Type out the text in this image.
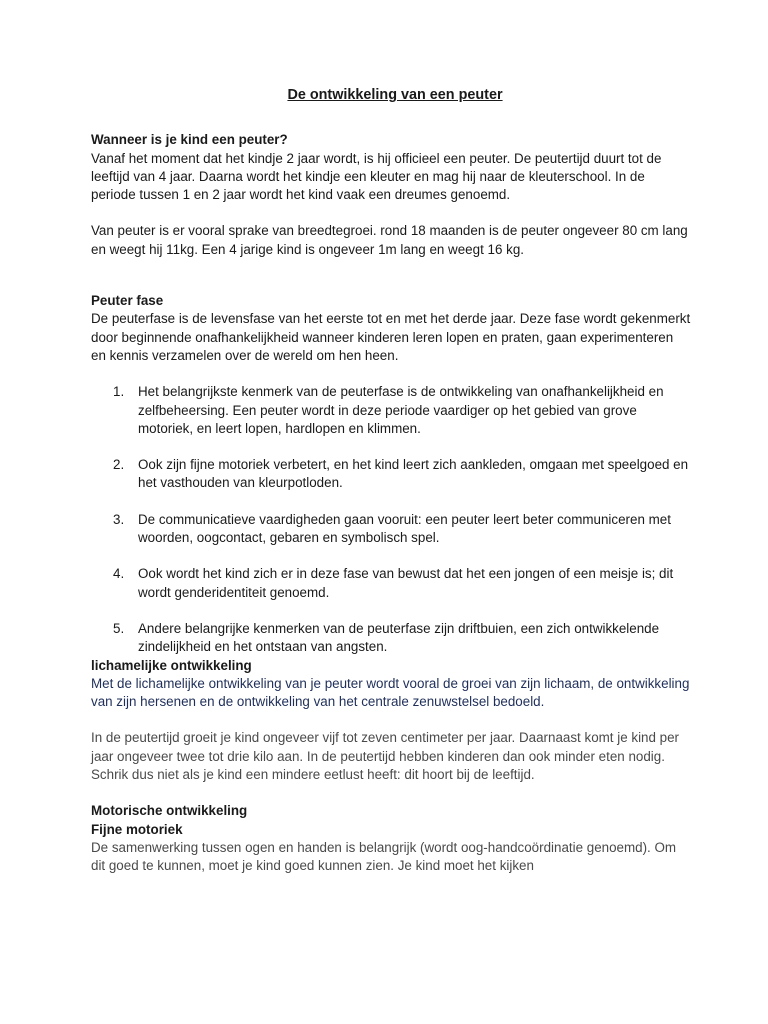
De ontwikkeling van een peuter
Wanneer is je kind een peuter?

Vanaf het moment dat het kindje 2 jaar wordt, is hij officieel een peuter. De peutertijd duurt tot de leeftijd van 4 jaar. Daarna wordt het kindje een kleuter en mag hij naar de kleuterschool. In de periode tussen 1 en 2 jaar wordt het kind vaak een dreumes genoemd.

Van peuter is er vooral sprake van breedtegroei. rond 18 maanden is de peuter ongeveer 80 cm lang en weegt hij 11kg. Een 4 jarige kind is ongeveer 1m lang en weegt 16 kg.

Peuter fase

De peuterfase is de levensfase van het eerste tot en met het derde jaar. Deze fase wordt gekenmerkt door beginnende onafhankelijkheid wanneer kinderen leren lopen en praten, gaan experimenteren en kennis verzamelen over de wereld om hen heen.

1. Het belangrijkste kenmerk van de peuterfase is de ontwikkeling van onafhankelijkheid en zelfbeheersing. Een peuter wordt in deze periode vaardiger op het gebied van grove motoriek, en leert lopen, hardlopen en klimmen.
2. Ook zijn fijne motoriek verbetert, en het kind leert zich aankleden, omgaan met speelgoed en het vasthouden van kleurpotloden.
3. De communicatieve vaardigheden gaan vooruit: een peuter leert beter communiceren met woorden, oogcontact, gebaren en symbolisch spel.
4. Ook wordt het kind zich er in deze fase van bewust dat het een jongen of een meisje is; dit wordt genderidentiteit genoemd.
5. Andere belangrijke kenmerken van de peuterfase zijn driftbuien, een zich ontwikkelende zindelijkheid en het ontstaan van angsten.
lichamelijke ontwikkeling

Met de lichamelijke ontwikkeling van je peuter wordt vooral de groei van zijn lichaam, de ontwikkeling van zijn hersenen en de ontwikkeling van het centrale zenuwstelsel bedoeld.

In de peutertijd groeit je kind ongeveer vijf tot zeven centimeter per jaar. Daarnaast komt je kind per jaar ongeveer twee tot drie kilo aan. In de peutertijd hebben kinderen dan ook minder eten nodig. Schrik dus niet als je kind een mindere eetlust heeft: dit hoort bij de leeftijd.

Motorische ontwikkeling
Fijne motoriek

De samenwerking tussen ogen en handen is belangrijk (wordt oog-handcoördinatie genoemd). Om dit goed te kunnen, moet je kind goed kunnen zien. Je kind moet het kijken
